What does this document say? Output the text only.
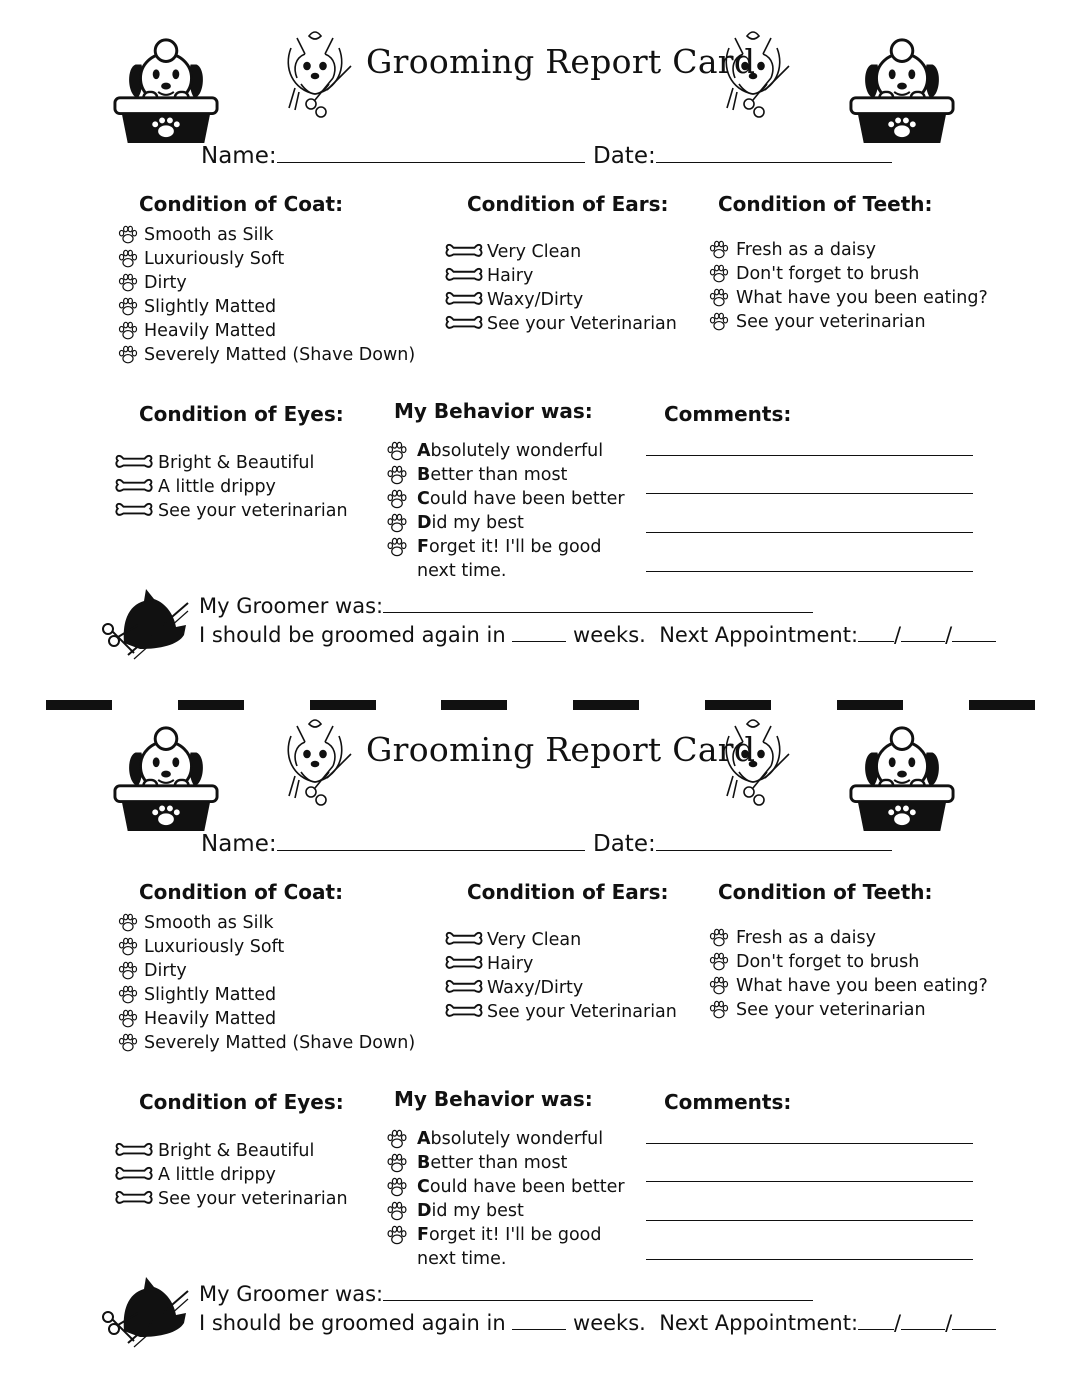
Grooming Report Card
Name:	Date:
Condition of Coat:
Smooth as Silk
Luxuriously Soft
Dirty
Slightly Matted
Heavily Matted
Severely Matted (Shave Down)
Condition of Ears:
Very Clean
Hairy
Waxy/Dirty
See your Veterinarian
Condition of Teeth:
Fresh as a daisy
Don't forget to brush
What have you been eating?
See your veterinarian
Condition of Eyes:
Bright & Beautiful
A little drippy
See your veterinarian
My Behavior was:
Absolutely wonderful
Better than most
Could have been better
Did my best
Forget it! I'll be good
next time.
Comments:
My Groomer was:
I should be groomed again in	weeks. Next Appointment: / /
Grooming Report Card
Name:	Date:
Condition of Coat:
Smooth as Silk
Luxuriously Soft
Dirty
Slightly Matted
Heavily Matted
Severely Matted (Shave Down)
Condition of Ears:
Very Clean
Hairy
Waxy/Dirty
See your Veterinarian
Condition of Teeth:
Fresh as a daisy
Don't forget to brush
What have you been eating?
See your veterinarian
Condition of Eyes:
Bright & Beautiful
A little drippy
See your veterinarian
My Behavior was:
Absolutely wonderful
Better than most
Could have been better
Did my best
Forget it! I'll be good
next time.
Comments:
My Groomer was:
I should be groomed again in	weeks. Next Appointment: / /
